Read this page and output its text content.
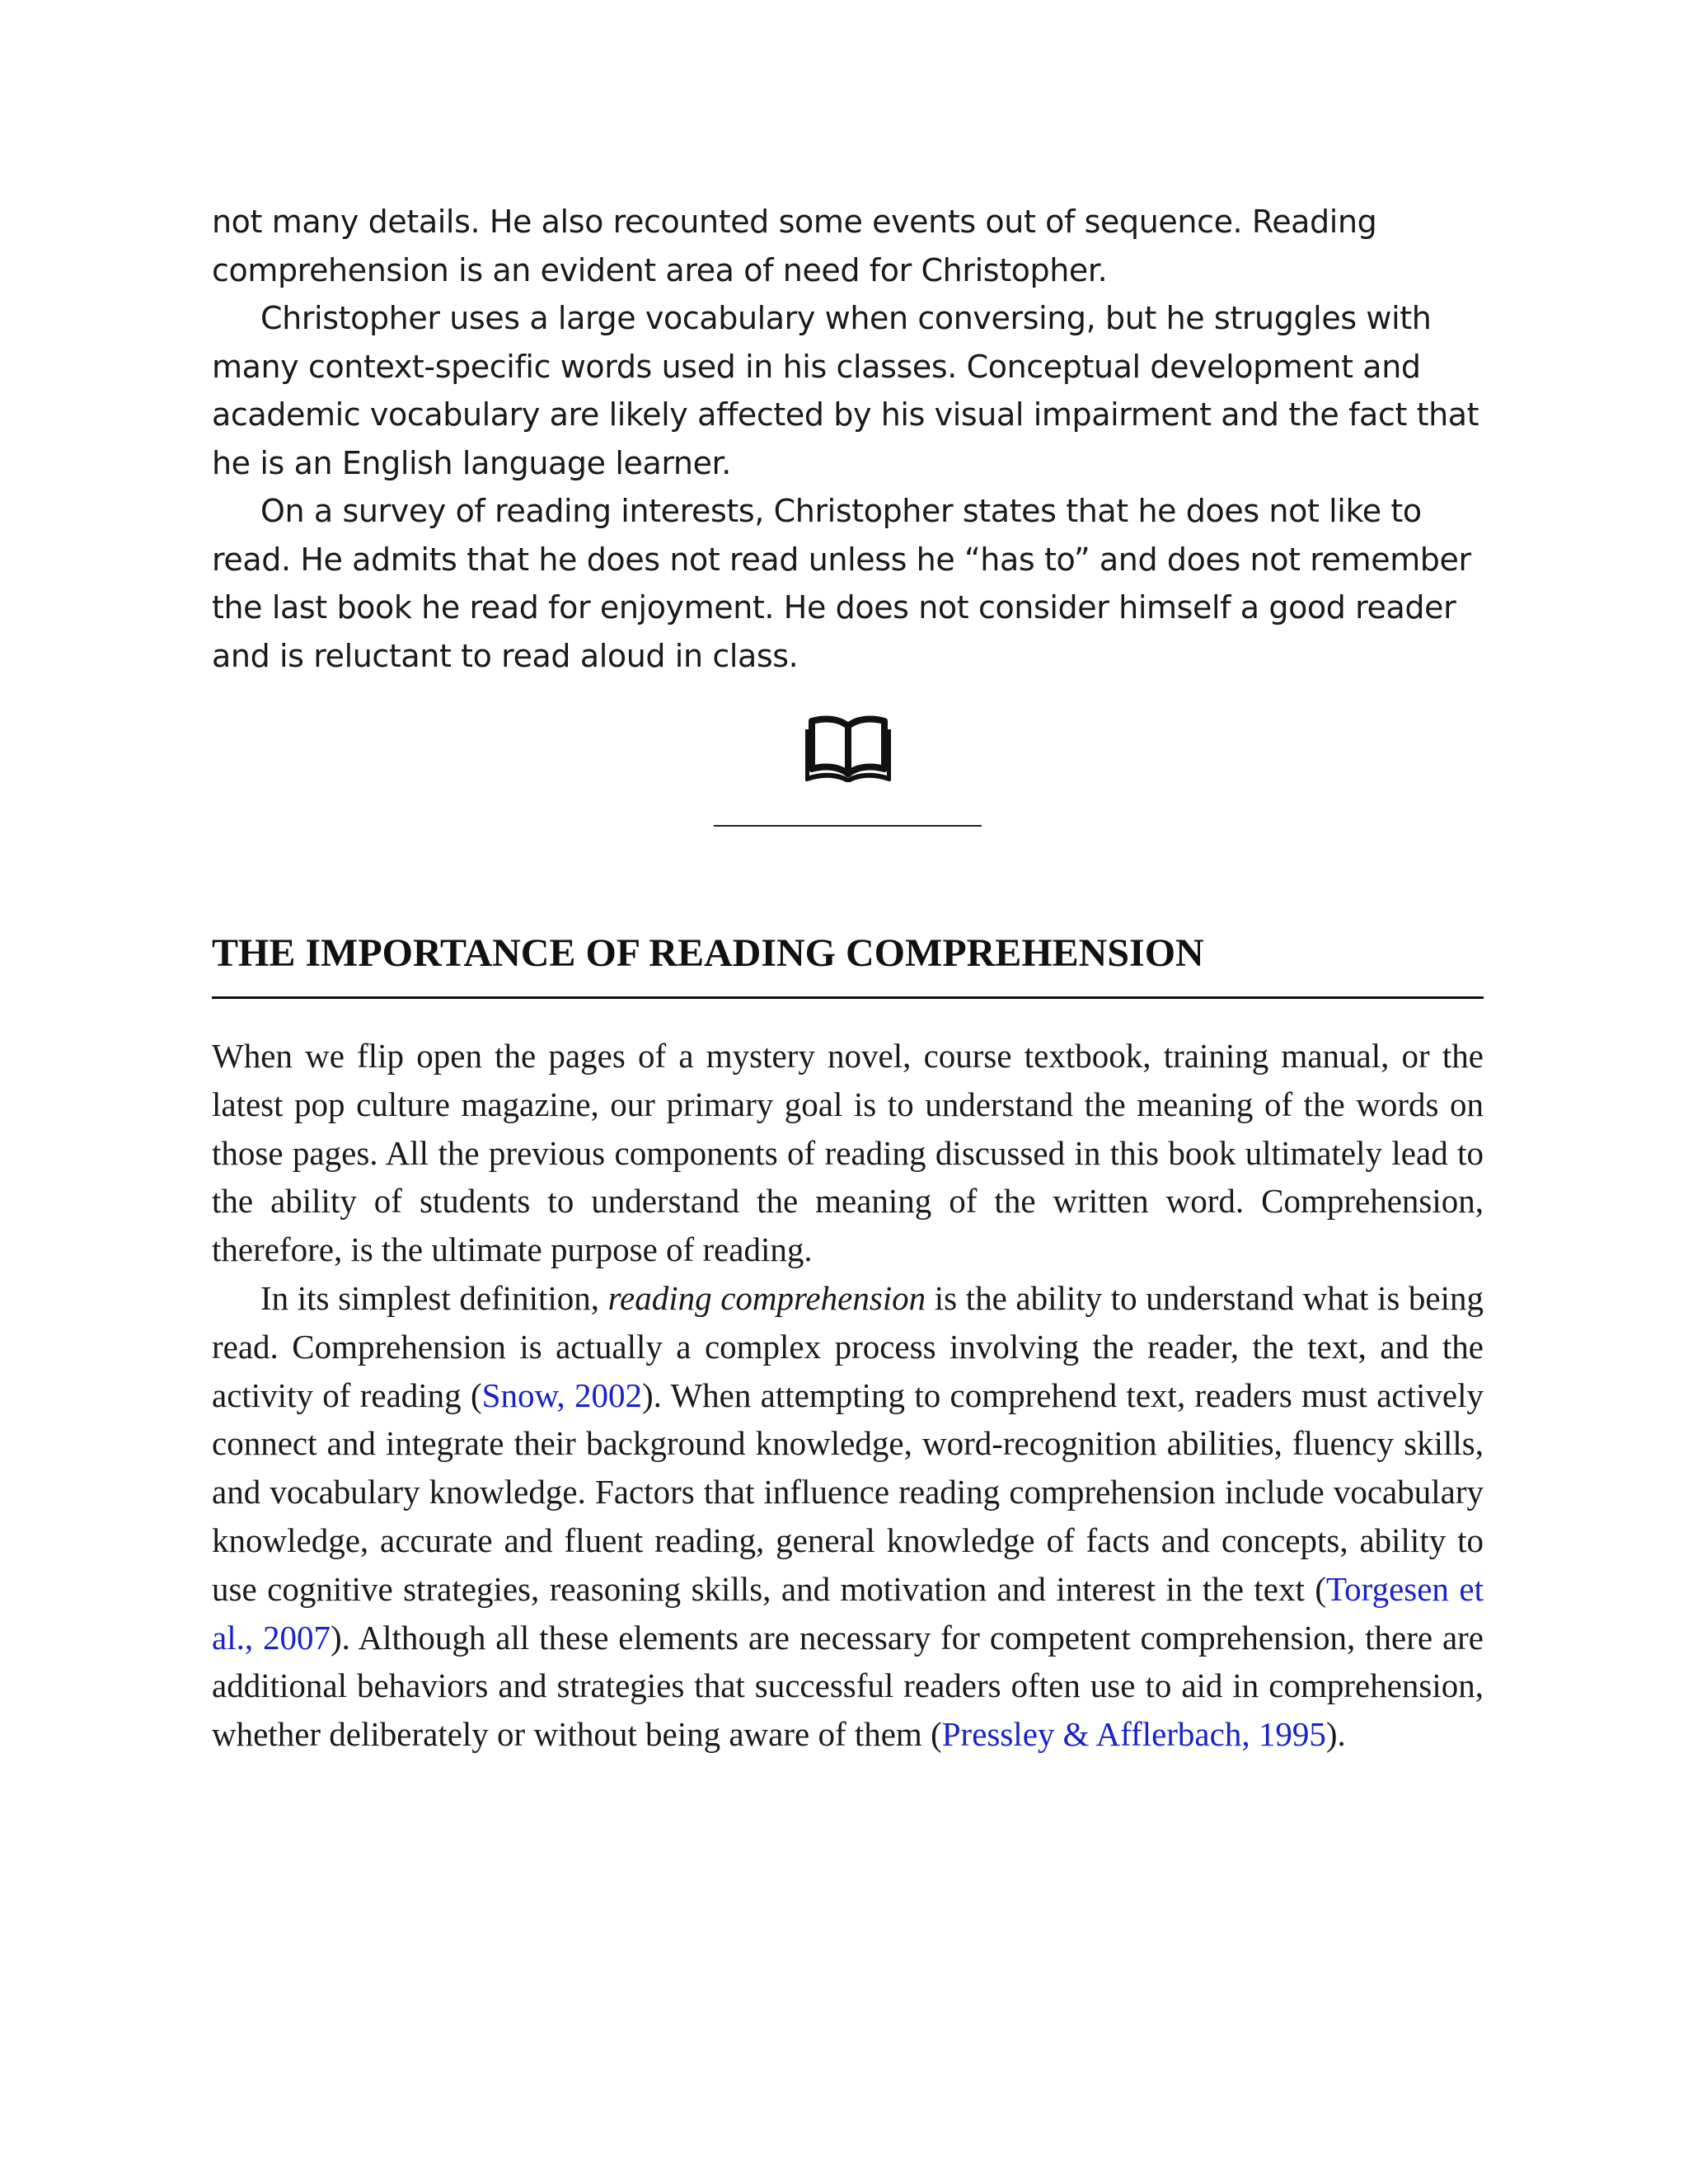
not many details. He also recounted some events out of sequence. Reading comprehension is an evident area of need for Christopher.

Christopher uses a large vocabulary when conversing, but he struggles with many context-specific words used in his classes. Conceptual development and academic vocabulary are likely affected by his visual impairment and the fact that he is an English language learner.

On a survey of reading interests, Christopher states that he does not like to read. He admits that he does not read unless he “has to” and does not remember the last book he read for enjoyment. He does not consider himself a good reader and is reluctant to read aloud in class.

THE IMPORTANCE OF READING COMPREHENSION

When we flip open the pages of a mystery novel, course textbook, training manual, or the latest pop culture magazine, our primary goal is to understand the meaning of the words on those pages. All the previous components of reading discussed in this book ultimately lead to the ability of students to understand the meaning of the written word. Comprehension, therefore, is the ultimate purpose of reading.

In its simplest definition, reading comprehension is the ability to understand what is being read. Comprehension is actually a complex process involving the reader, the text, and the activity of reading (Snow, 2002). When attempting to comprehend text, readers must actively connect and integrate their background knowledge, word-recognition abilities, fluency skills, and vocabulary knowledge. Factors that influence reading comprehension include vocabulary knowledge, accurate and fluent reading, general knowledge of facts and concepts, ability to use cognitive strategies, reasoning skills, and motivation and interest in the text (Torgesen et al., 2007). Although all these elements are necessary for competent comprehension, there are additional behaviors and strategies that successful readers often use to aid in comprehension, whether deliberately or without being aware of them (Pressley & Afflerbach, 1995).
